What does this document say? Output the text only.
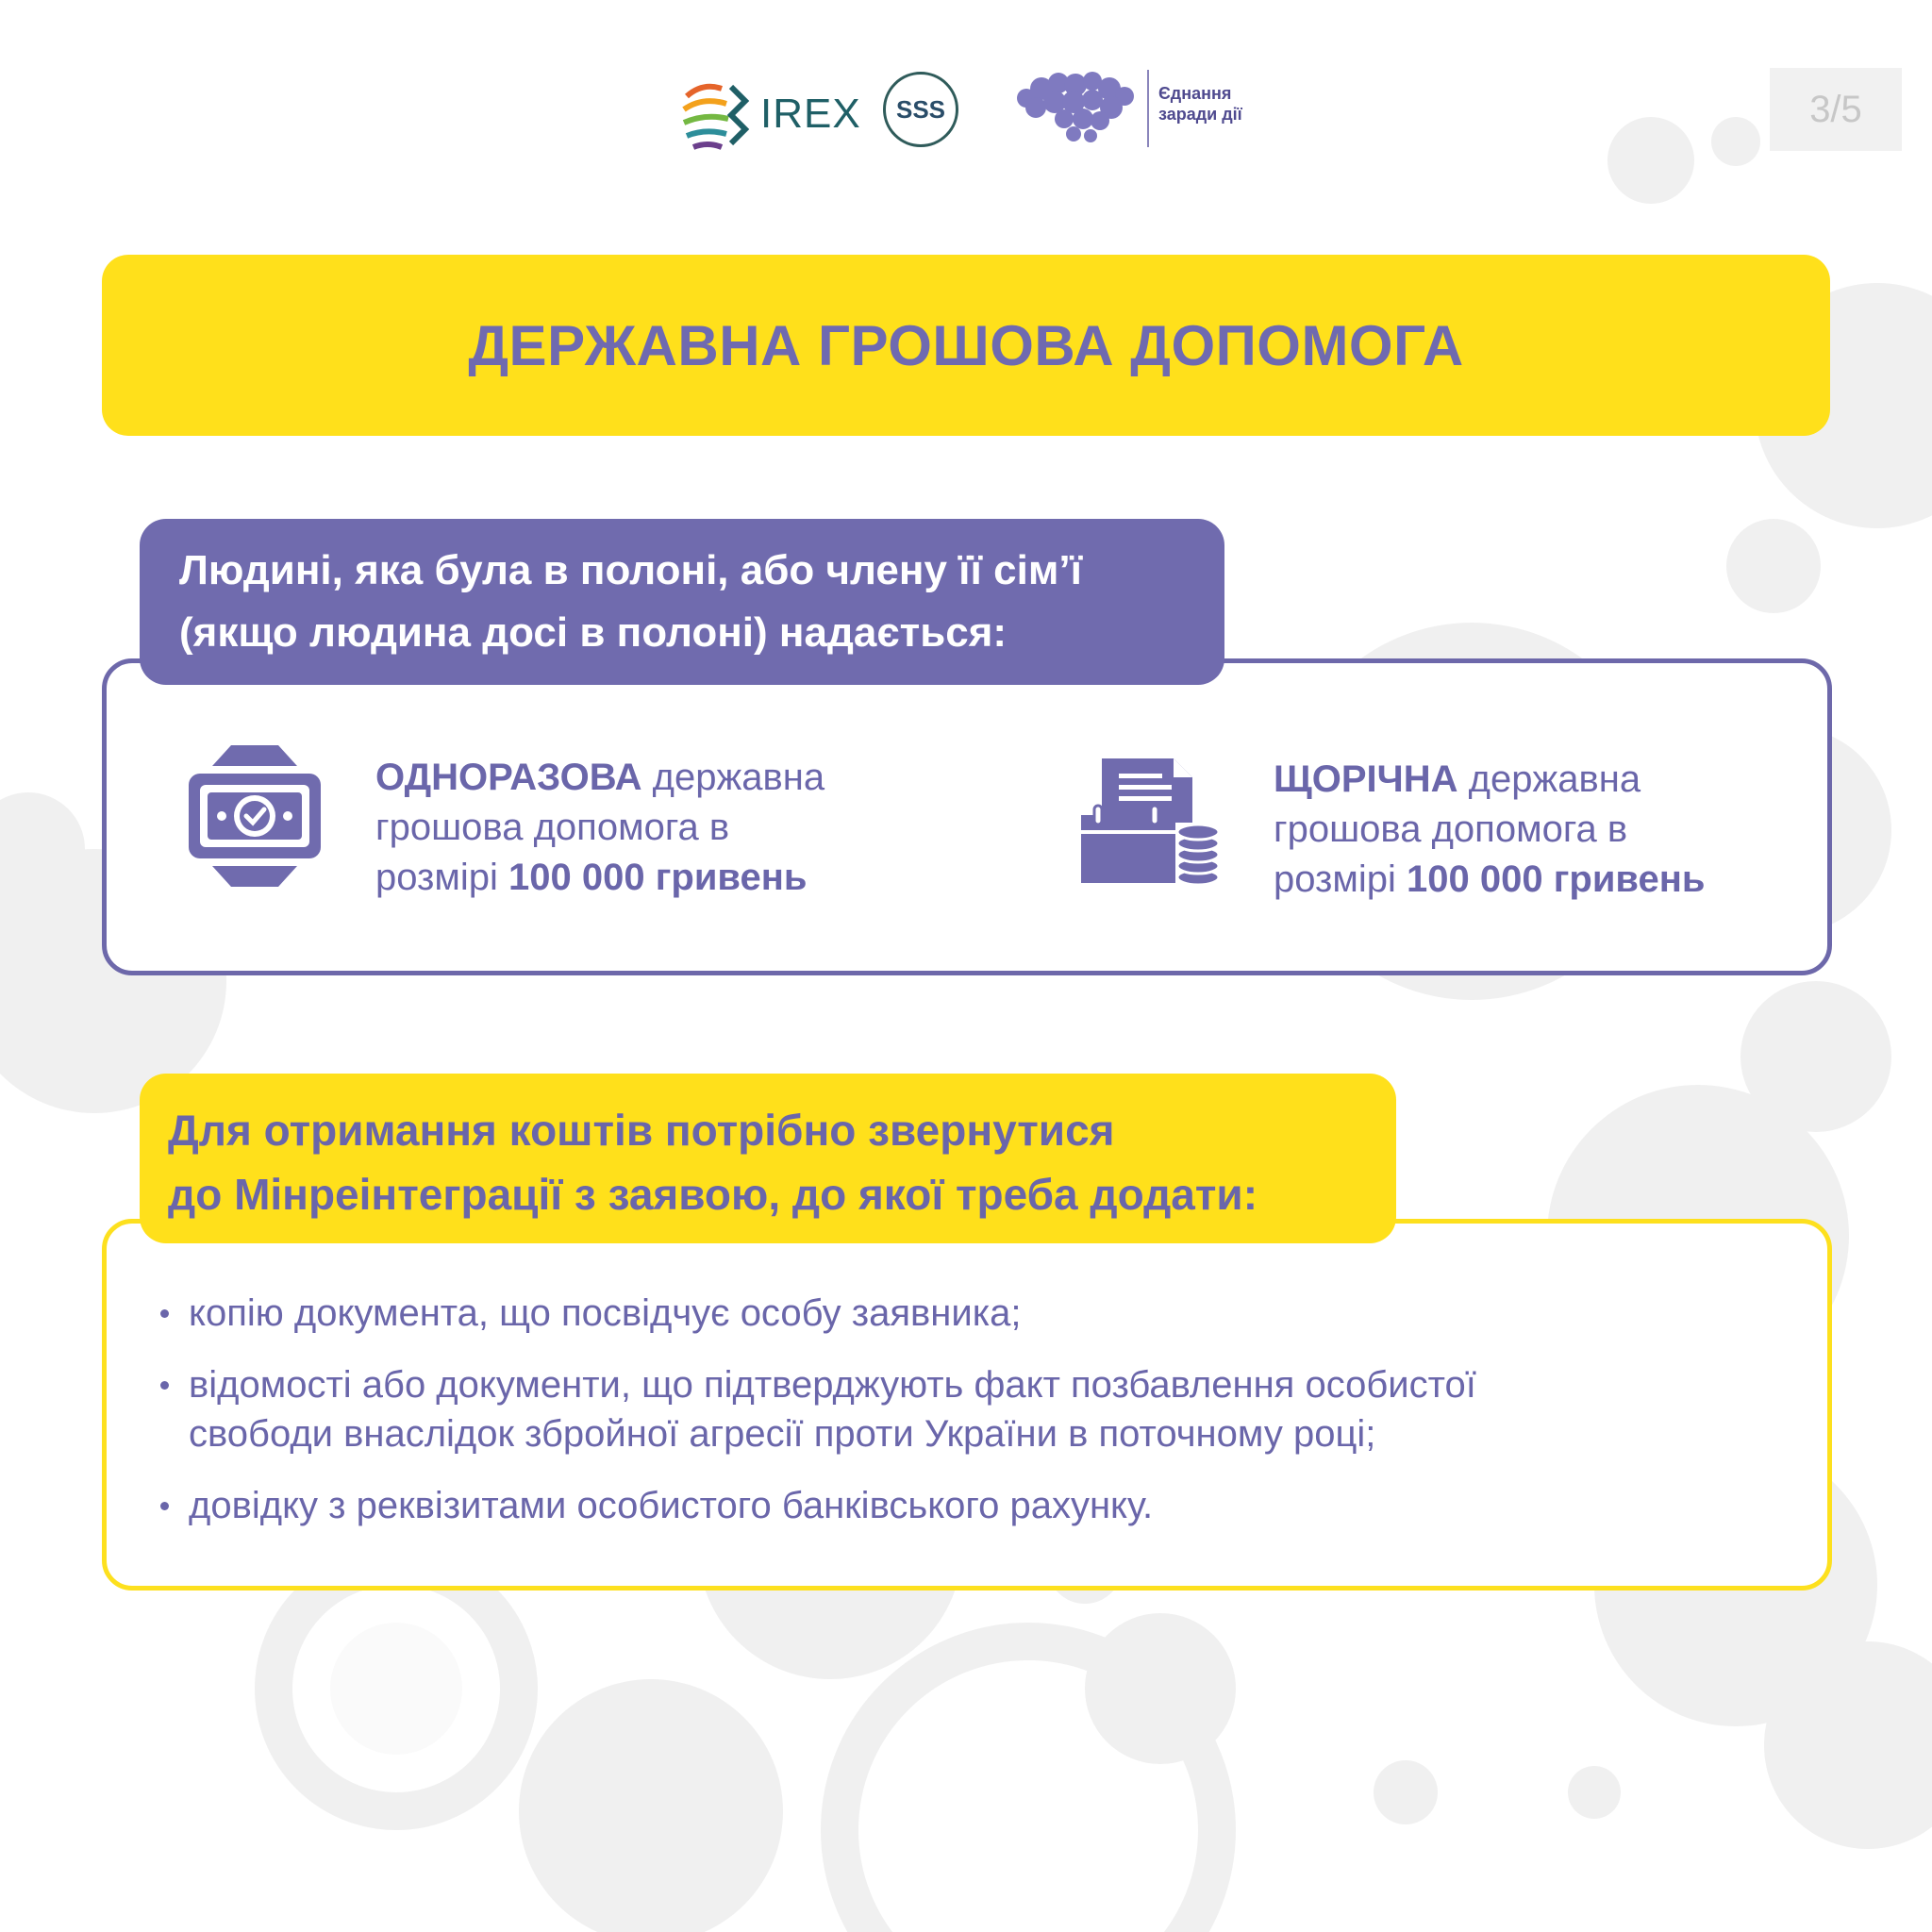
IREX	SSS
Єднання
заради дії	3/5
ДЕРЖАВНА ГРОШОВА ДОПОМОГА
Людині, яка була в полоні, або члену її сімʼї
(якщо людина досі в полоні) надається:
ОДНОРАЗОВА державна
грошова допомога в
розмірі 100 000 гривень
ЩОРІЧНА державна
грошова допомога в
розмірі 100 000 гривень
Для отримання коштів потрібно звернутися
до Мінреінтеграції з заявою, до якої треба додати:
копію документа, що посвідчує особу заявника;
відомості або документи, що підтверджують факт позбавлення особистої
свободи внаслідок збройної агресії проти України в поточному році;
довідку з реквізитами особистого банківського рахунку.
